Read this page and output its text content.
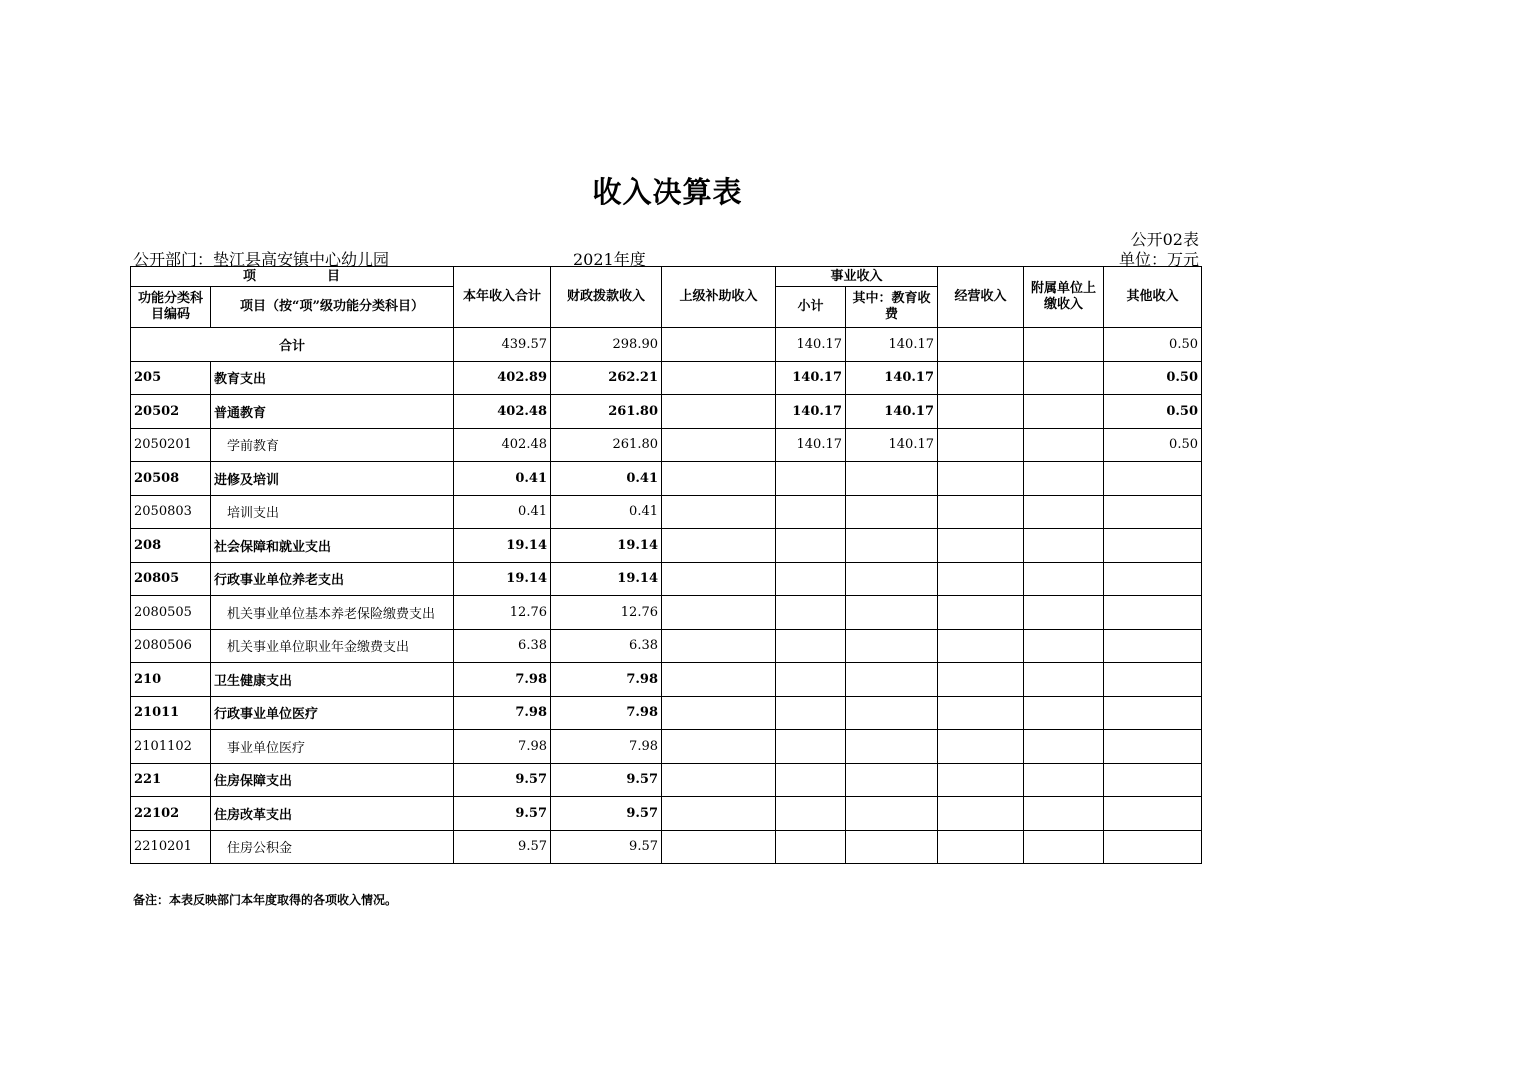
收入决算表
公开02表
公开部门：垫江县高安镇中心幼儿园	2021年度	单位：万元
项　　　　　目		本年收入合计	财政拨款收入	上级补助收入	事业收入		经营收入	附属单位上缴收入	其他收入
功能分类科目编码	项目（按“项”级功能分类科目）								
					小计	其中：教育收费			
合计		439.57	298.90		140.17	140.17			0.50
205	教育支出	402.89	262.21		140.17	140.17			0.50
20502	普通教育	402.48	261.80		140.17	140.17			0.50
2050201	学前教育	402.48	261.80		140.17	140.17			0.50
20508	进修及培训	0.41	0.41						
2050803	培训支出	0.41	0.41						
208	社会保障和就业支出	19.14	19.14						
20805	行政事业单位养老支出	19.14	19.14						
2080505	机关事业单位基本养老保险缴费支出	12.76	12.76						
2080506	机关事业单位职业年金缴费支出	6.38	6.38						
210	卫生健康支出	7.98	7.98						
21011	行政事业单位医疗	7.98	7.98						
2101102	事业单位医疗	7.98	7.98						
221	住房保障支出	9.57	9.57						
22102	住房改革支出	9.57	9.57						
2210201	住房公积金	9.57	9.57						
备注：本表反映部门本年度取得的各项收入情况。
